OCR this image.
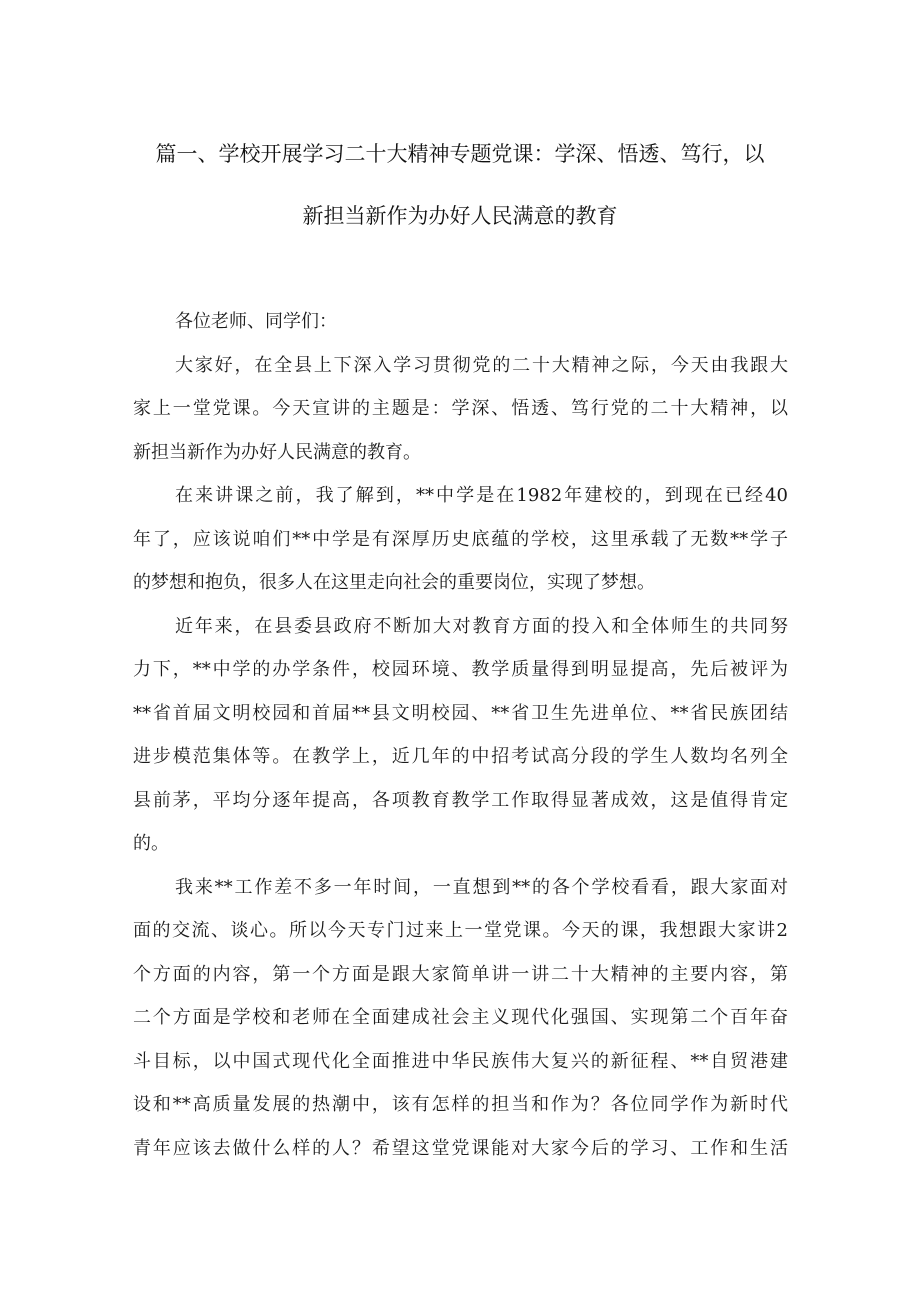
篇一、学校开展学习二十大精神专题党课：学深、悟透、笃行，以
新担当新作为办好人民满意的教育
各位老师、同学们：
大家好，在全县上下深入学习贯彻党的二十大精神之际，今天由我跟大
家上一堂党课。今天宣讲的主题是：学深、悟透、笃行党的二十大精神，以
新担当新作为办好人民满意的教育。
在来讲课之前，我了解到，**中学是在1982年建校的，到现在已经40
年了，应该说咱们**中学是有深厚历史底蕴的学校，这里承载了无数**学子
的梦想和抱负，很多人在这里走向社会的重要岗位，实现了梦想。
近年来，在县委县政府不断加大对教育方面的投入和全体师生的共同努
力下，**中学的办学条件，校园环境、教学质量得到明显提高，先后被评为
**省首届文明校园和首届**县文明校园、**省卫生先进单位、**省民族团结
进步模范集体等。在教学上，近几年的中招考试高分段的学生人数均名列全
县前茅，平均分逐年提高，各项教育教学工作取得显著成效，这是值得肯定
的。
我来**工作差不多一年时间，一直想到**的各个学校看看，跟大家面对
面的交流、谈心。所以今天专门过来上一堂党课。今天的课，我想跟大家讲2
个方面的内容，第一个方面是跟大家简单讲一讲二十大精神的主要内容，第
二个方面是学校和老师在全面建成社会主义现代化强国、实现第二个百年奋
斗目标，以中国式现代化全面推进中华民族伟大复兴的新征程、**自贸港建
设和**高质量发展的热潮中，该有怎样的担当和作为？各位同学作为新时代
青年应该去做什么样的人？希望这堂党课能对大家今后的学习、工作和生活
